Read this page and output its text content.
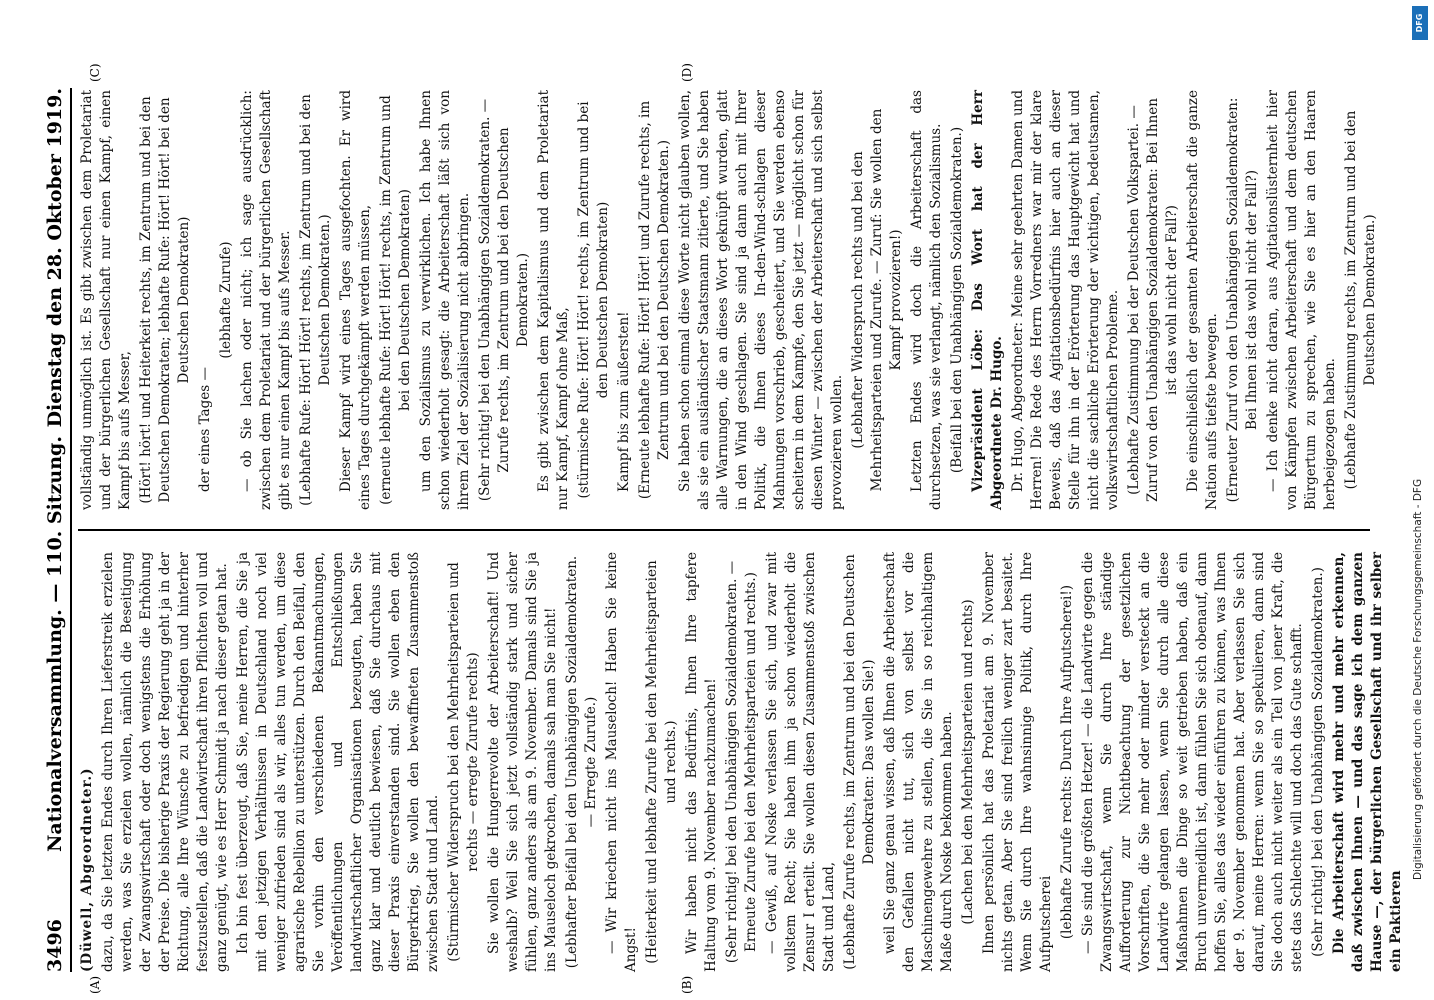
3496
Nationalversammlung. — 110. Sitzung.
Dienstag den 28. Oktober 1919.
(A)	(B)
(C)	(D)

(Düwell, Abgeordneter.) dazu, da Sie letzten Endes durch Ihren Lieferstreik erzielen werden, was Sie erzielen wollen, nämlich die Beseitigung der Zwangswirtschaft oder doch wenigstens die Erhöhung der Preise. Die bisherige Praxis der Regierung geht ja in der Richtung, alle Ihre Wünsche zu befriedigen und hinterher festzustellen, daß die Landwirtschaft ihren Pflichten voll und ganz genügt, wie es Herr Schmidt ja nach dieser getan hat. Ich bin fest überzeugt, daß Sie, meine Herren, die Sie ja mit den jetzigen Verhältnissen in Deutschland noch viel weniger zufrieden sind als wir, alles tun werden, um diese agrarische Rebellion zu unterstützen. Durch den Beifall, den Sie vorhin den verschiedenen Bekanntmachungen, Veröffentlichungen und Entschließungen landwirtschaftlicher Organisationen bezeugten, haben Sie ganz klar und deutlich bewiesen, daß Sie durchaus mit dieser Praxis einverstanden sind. Sie wollen eben den Bürgerkrieg, Sie wollen den bewaffneten Zusammenstoß zwischen Stadt und Land. (Stürmischer Widerspruch bei den Mehrheitsparteien und rechts — erregte Zurufe rechts) Sie wollen die Hungerrevolte der Arbeiterschaft! Und weshalb? Weil Sie sich jetzt vollständig stark und sicher fühlen, ganz anders als am 9. November. Damals sind Sie ja ins Mauseloch gekrochen, damals sah man Sie nicht! (Lebhafter Beifall bei den Unabhängigen Sozialdemokraten. — Erregte Zurufe.) — Wir kriechen nicht ins Mauseloch! Haben Sie keine Angst! (Heiterkeit und lebhafte Zurufe bei den Mehrheitsparteien und rechts.) Wir haben nicht das Bedürfnis, Ihnen Ihre tapfere Haltung vom 9. November nachzumachen! (Sehr richtig! bei den Unabhängigen Sozialdemokraten. — Erneute Zurufe bei den Mehrheitsparteien und rechts.) — Gewiß, auf Noske verlassen Sie sich, und zwar mit vollstem Recht; Sie haben ihm ja schon wiederholt die Zensur I erteilt. Sie wollen diesen Zusammenstoß zwischen Stadt und Land, (Lebhafte Zurufe rechts, im Zentrum und bei den Deutschen Demokraten: Das wollen Sie!) weil Sie ganz genau wissen, daß Ihnen die Arbeiterschaft den Gefallen nicht tut, sich von selbst vor die Maschinengewehre zu stellen, die Sie in so reichhaltigem Maße durch Noske bekommen haben. (Lachen bei den Mehrheitsparteien und rechts) Ihnen persönlich hat das Proletariat am 9. November nichts getan. Aber Sie sind freilich weniger zart besaitet. Wenn Sie durch Ihre wahnsinnige Politik, durch Ihre Aufputscherei (lebhafte Zurufe rechts: Durch Ihre Aufputscherei!) — Sie sind die größten Hetzer! — die Landwirte gegen die Zwangswirtschaft, wenn Sie durch Ihre ständige Aufforderung zur Nichtbeachtung der gesetzlichen Vorschriften, die Sie mehr oder minder versteckt an die Landwirte gelangen lassen, wenn Sie durch alle diese Maßnahmen die Dinge so weit getrieben haben, daß ein Bruch unvermeidlich ist, dann fühlen Sie sich obenauf, dann hoffen Sie, alles das wieder einführen zu können, was Ihnen der 9. November genommen hat. Aber verlassen Sie sich darauf, meine Herren: wenn Sie so spekulieren, dann sind Sie doch auch nicht weiter als ein Teil von jener Kraft, die stets das Schlechte will und doch das Gute schafft. (Sehr richtig! bei den Unabhängigen Sozialdemokraten.) Die Arbeiterschaft wird mehr und mehr erkennen, daß zwischen Ihnen — und das sage ich dem ganzen Hause —, der bürgerlichen Gesellschaft und ihr selber ein Paktieren

vollständig unmöglich ist. Es gibt zwischen dem Proletariat und der bürgerlichen Gesellschaft nur einen Kampf, einen Kampf bis aufs Messer, (Hört! hört! und Heiterkeit rechts, im Zentrum und bei den Deutschen Demokraten; lebhafte Rufe: Hört! Hört! bei den Deutschen Demokraten)

der eines Tages —

(lebhafte Zurufe) — ob Sie lachen oder nicht; ich sage ausdrücklich: zwischen dem Proletariat und der bürgerlichen Gesellschaft gibt es nur einen Kampf bis aufs Messer. (Lebhafte Rufe: Hört! Hört! rechts, im Zentrum und bei den Deutschen Demokraten.) Dieser Kampf wird eines Tages ausgefochten. Er wird eines Tages durchgekämpft werden müssen, (erneute lebhafte Rufe: Hört! Hört! rechts, im Zentrum und bei den Deutschen Demokraten) um den Sozialismus zu verwirklichen. Ich habe Ihnen schon wiederholt gesagt: die Arbeiterschaft läßt sich von ihrem Ziel der Sozialisierung nicht abbringen. (Sehr richtig! bei den Unabhängigen Sozialdemokraten. — Zurufe rechts, im Zentrum und bei den Deutschen Demokraten.) Es gibt zwischen dem Kapitalismus und dem Proletariat nur Kampf, Kampf ohne Maß, (stürmische Rufe: Hört! Hört! rechts, im Zentrum und bei den Deutschen Demokraten)

Kampf bis zum äußersten! (Erneute lebhafte Rufe: Hört! Hört! und Zurufe rechts, im Zentrum und bei den Deutschen Demokraten.) Sie haben schon einmal diese Worte nicht glauben wollen, als sie ein ausländischer Staatsmann zitierte, und Sie haben alle Warnungen, die an dieses Wort geknüpft wurden, glatt in den Wind geschlagen. Sie sind ja dann auch mit Ihrer Politik, die Ihnen dieses In-den-Wind-schlagen dieser Mahnungen vorschrieb, gescheitert, und Sie werden ebenso scheitern in dem Kampfe, den Sie jetzt — möglicht schon für diesen Winter — zwischen der Arbeiterschaft und sich selbst provozieren wollen. (Lebhafter Widerspruch rechts und bei den Mehrheitsparteien und Zurufe. — Zuruf: Sie wollen den Kampf provozieren!) Letzten Endes wird doch die Arbeiterschaft das durchsetzen, was sie verlangt, nämlich den Sozialismus. (Beifall bei den Unabhängigen Sozialdemokraten.) Vizepräsident Löbe: Das Wort hat der Herr Abgeordnete Dr. Hugo. Dr. Hugo, Abgeordneter: Meine sehr geehrten Damen und Herren! Die Rede des Herrn Vorredners war mir der klare Beweis, daß das Agitationsbedürfnis hier auch an dieser Stelle für ihn in der Erörterung das Hauptgewicht hat und nicht die sachliche Erörterung der wichtigen, bedeutsamen, volkswirtschaftlichen Probleme. (Lebhafte Zustimmung bei der Deutschen Volkspartei. — Zuruf von den Unabhängigen Sozialdemokraten: Bei Ihnen ist das wohl nicht der Fall?) Die einschließlich der gesamten Arbeiterschaft die ganze Nation aufs tiefste bewegen. (Erneuter Zuruf von den Unabhängigen Sozialdemokraten: Bei Ihnen ist das wohl nicht der Fall?) — Ich denke nicht daran, aus Agitationslüsternheit hier von Kämpfen zwischen Arbeiterschaft und dem deutschen Bürgertum zu sprechen, wie Sie es hier an den Haaren herbeigezogen haben. (Lebhafte Zustimmung rechts, im Zentrum und bei den Deutschen Demokraten.)

DFG
Digitalisierung gefördert durch die Deutsche Forschungsgemeinschaft - DFG
